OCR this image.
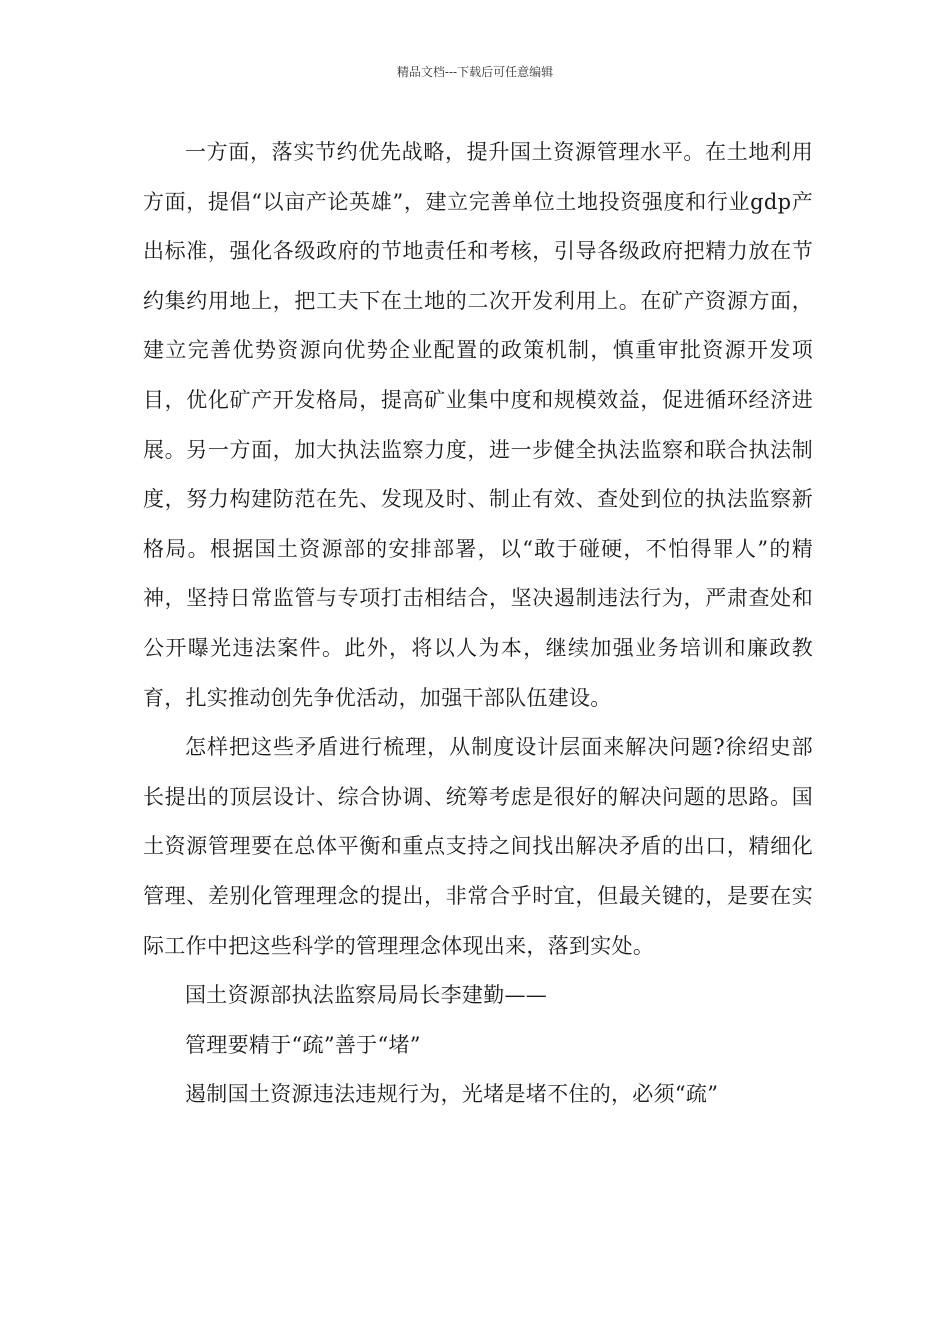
精品文档---下载后可任意编辑

一方面，落实节约优先战略，提升国土资源管理水平。在土地利用方面，提倡“以亩产论英雄”，建立完善单位土地投资强度和行业gdp产出标准，强化各级政府的节地责任和考核，引导各级政府把精力放在节约集约用地上，把工夫下在土地的二次开发利用上。在矿产资源方面，建立完善优势资源向优势企业配置的政策机制，慎重审批资源开发项目，优化矿产开发格局，提高矿业集中度和规模效益，促进循环经济进展。另一方面，加大执法监察力度，进一步健全执法监察和联合执法制度，努力构建防范在先、发现及时、制止有效、查处到位的执法监察新格局。根据国土资源部的安排部署，以“敢于碰硬，不怕得罪人”的精神，坚持日常监管与专项打击相结合，坚决遏制违法行为，严肃查处和公开曝光违法案件。此外，将以人为本，继续加强业务培训和廉政教育，扎实推动创先争优活动，加强干部队伍建设。

怎样把这些矛盾进行梳理，从制度设计层面来解决问题?徐绍史部长提出的顶层设计、综合协调、统筹考虑是很好的解决问题的思路。国土资源管理要在总体平衡和重点支持之间找出解决矛盾的出口，精细化管理、差别化管理理念的提出，非常合乎时宜，但最关键的，是要在实际工作中把这些科学的管理理念体现出来，落到实处。

国土资源部执法监察局局长李建勤——

管理要精于“疏”善于“堵”

遏制国土资源违法违规行为，光堵是堵不住的，必须“疏”
